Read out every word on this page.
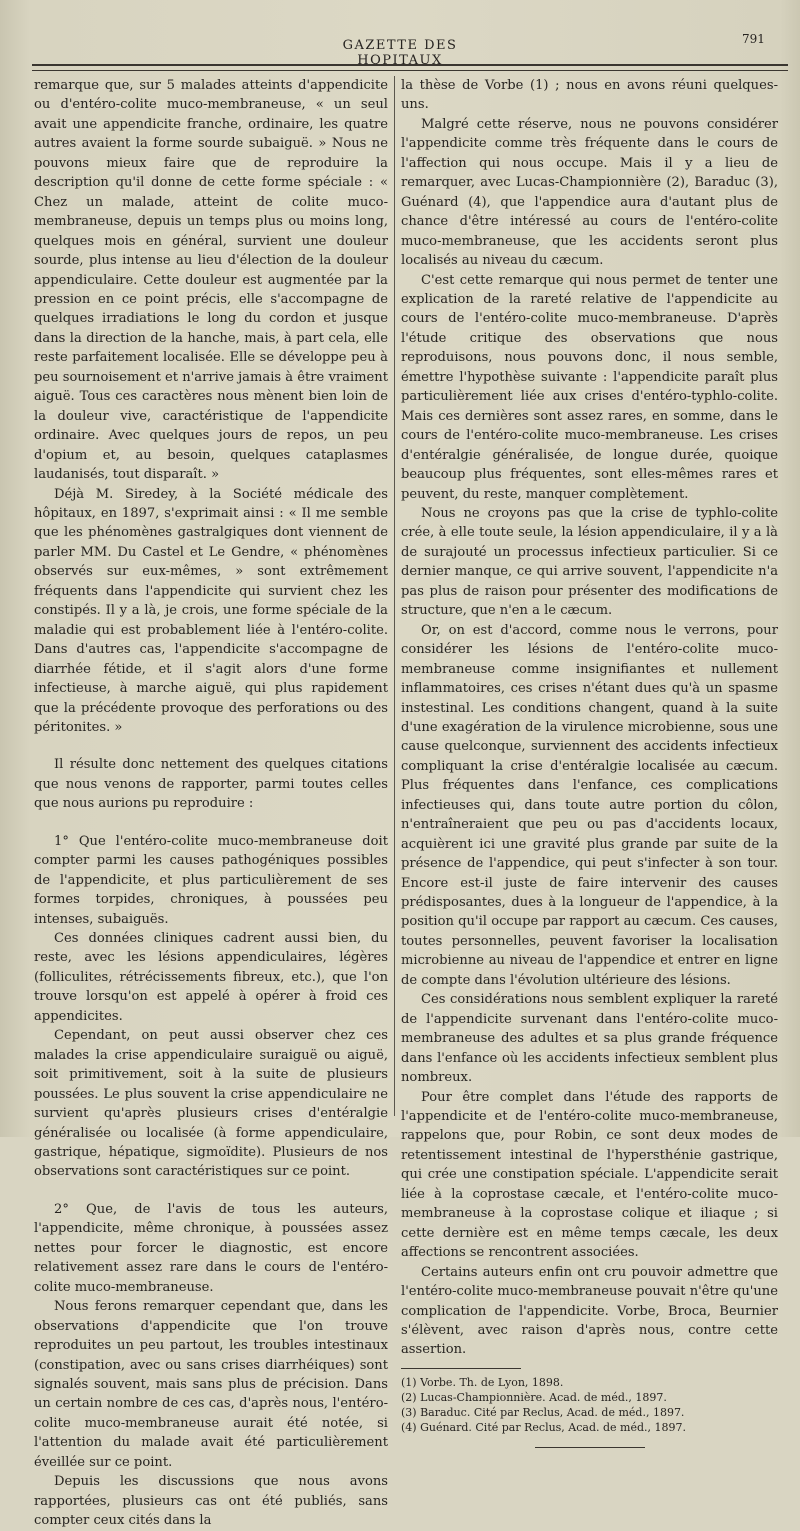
GAZETTE DES HOPITAUX
791

remarque que, sur 5 malades atteints d'appendicite ou d'entéro-colite muco-membraneuse, « un seul avait une appendicite franche, ordinaire, les quatre autres avaient la forme sourde subaiguë. » Nous ne pouvons mieux faire que de reproduire la description qu'il donne de cette forme spéciale : « Chez un malade, atteint de colite muco-membraneuse, depuis un temps plus ou moins long, quelques mois en général, survient une douleur sourde, plus intense au lieu d'élection de la douleur appendiculaire. Cette douleur est augmentée par la pression en ce point précis, elle s'accompagne de quelques irradiations le long du cordon et jusque dans la direction de la hanche, mais, à part cela, elle reste parfaitement localisée. Elle se développe peu à peu sournoisement et n'arrive jamais à être vraiment aiguë. Tous ces caractères nous mènent bien loin de la douleur vive, caractéristique de l'appendicite ordinaire. Avec quelques jours de repos, un peu d'opium et, au besoin, quelques cataplasmes laudanisés, tout disparaît. »

Déjà M. Siredey, à la Société médicale des hôpitaux, en 1897, s'exprimait ainsi : « Il me semble que les phénomènes gastralgiques dont viennent de parler MM. Du Castel et Le Gendre, « phénomènes observés sur eux-mêmes, » sont extrêmement fréquents dans l'appendicite qui survient chez les constipés. Il y a là, je crois, une forme spéciale de la maladie qui est probablement liée à l'entéro-colite. Dans d'autres cas, l'appendicite s'accompagne de diarrhée fétide, et il s'agit alors d'une forme infectieuse, à marche aiguë, qui plus rapidement que la précédente provoque des perforations ou des péritonites. »

Il résulte donc nettement des quelques citations que nous venons de rapporter, parmi toutes celles que nous aurions pu reproduire :

1° Que l'entéro-colite muco-membraneuse doit compter parmi les causes pathogéniques possibles de l'appendicite, et plus particulièrement de ses formes torpides, chroniques, à poussées peu intenses, subaiguës.

Ces données cliniques cadrent aussi bien, du reste, avec les lésions appendiculaires, légères (folliculites, rétrécissements fibreux, etc.), que l'on trouve lorsqu'on est appelé à opérer à froid ces appendicites.

Cependant, on peut aussi observer chez ces malades la crise appendiculaire suraiguë ou aiguë, soit primitivement, soit à la suite de plusieurs poussées. Le plus souvent la crise appendiculaire ne survient qu'après plusieurs crises d'entéralgie généralisée ou localisée (à forme appendiculaire, gastrique, hépatique, sigmoïdite). Plusieurs de nos observations sont caractéristiques sur ce point.

2° Que, de l'avis de tous les auteurs, l'appendicite, même chronique, à poussées assez nettes pour forcer le diagnostic, est encore relativement assez rare dans le cours de l'entéro-colite muco-membraneuse.

Nous ferons remarquer cependant que, dans les observations d'appendicite que l'on trouve reproduites un peu partout, les troubles intestinaux (constipation, avec ou sans crises diarrhéiques) sont signalés souvent, mais sans plus de précision. Dans un certain nombre de ces cas, d'après nous, l'entéro-colite muco-membraneuse aurait été notée, si l'attention du malade avait été particulièrement éveillée sur ce point.

Depuis les discussions que nous avons rapportées, plusieurs cas ont été publiés, sans compter ceux cités dans la

la thèse de Vorbe (1) ; nous en avons réuni quelques-uns.

Malgré cette réserve, nous ne pouvons considérer l'appendicite comme très fréquente dans le cours de l'affection qui nous occupe. Mais il y a lieu de remarquer, avec Lucas-Championnière (2), Baraduc (3), Guénard (4), que l'appendice aura d'autant plus de chance d'être intéressé au cours de l'entéro-colite muco-membraneuse, que les accidents seront plus localisés au niveau du cæcum.

C'est cette remarque qui nous permet de tenter une explication de la rareté relative de l'appendicite au cours de l'entéro-colite muco-membraneuse. D'après l'étude critique des observations que nous reproduisons, nous pouvons donc, il nous semble, émettre l'hypothèse suivante : l'appendicite paraît plus particulièrement liée aux crises d'entéro-typhlo-colite. Mais ces dernières sont assez rares, en somme, dans le cours de l'entéro-colite muco-membraneuse. Les crises d'entéralgie généralisée, de longue durée, quoique beaucoup plus fréquentes, sont elles-mêmes rares et peuvent, du reste, manquer complètement.

Nous ne croyons pas que la crise de typhlo-colite crée, à elle toute seule, la lésion appendiculaire, il y a là de surajouté un processus infectieux particulier. Si ce dernier manque, ce qui arrive souvent, l'appendicite n'a pas plus de raison pour présenter des modifications de structure, que n'en a le cæcum.

Or, on est d'accord, comme nous le verrons, pour considérer les lésions de l'entéro-colite muco-membraneuse comme insignifiantes et nullement inflammatoires, ces crises n'étant dues qu'à un spasme instestinal. Les conditions changent, quand à la suite d'une exagération de la virulence microbienne, sous une cause quelconque, surviennent des accidents infectieux compliquant la crise d'entéralgie localisée au cæcum. Plus fréquentes dans l'enfance, ces complications infectieuses qui, dans toute autre portion du côlon, n'entraîneraient que peu ou pas d'accidents locaux, acquièrent ici une gravité plus grande par suite de la présence de l'appendice, qui peut s'infecter à son tour. Encore est-il juste de faire intervenir des causes prédisposantes, dues à la longueur de l'appendice, à la position qu'il occupe par rapport au cæcum. Ces causes, toutes personnelles, peuvent favoriser la localisation microbienne au niveau de l'appendice et entrer en ligne de compte dans l'évolution ultérieure des lésions.

Ces considérations nous semblent expliquer la rareté de l'appendicite survenant dans l'entéro-colite muco-membraneuse des adultes et sa plus grande fréquence dans l'enfance où les accidents infectieux semblent plus nombreux.

Pour être complet dans l'étude des rapports de l'appendicite et de l'entéro-colite muco-membraneuse, rappelons que, pour Robin, ce sont deux modes de retentissement intestinal de l'hypersthénie gastrique, qui crée une constipation spéciale. L'appendicite serait liée à la coprostase cæcale, et l'entéro-colite muco-membraneuse à la coprostase colique et iliaque ; si cette dernière est en même temps cæcale, les deux affections se rencontrent associées.

Certains auteurs enfin ont cru pouvoir admettre que l'entéro-colite muco-membraneuse pouvait n'être qu'une complication de l'appendicite. Vorbe, Broca, Beurnier s'élèvent, avec raison d'après nous, contre cette assertion.

(1) Vorbe. Th. de Lyon, 1898.
(2) Lucas-Championnière. Acad. de méd., 1897.
(3) Baraduc. Cité par Reclus, Acad. de méd., 1897.
(4) Guénard. Cité par Reclus, Acad. de méd., 1897.
